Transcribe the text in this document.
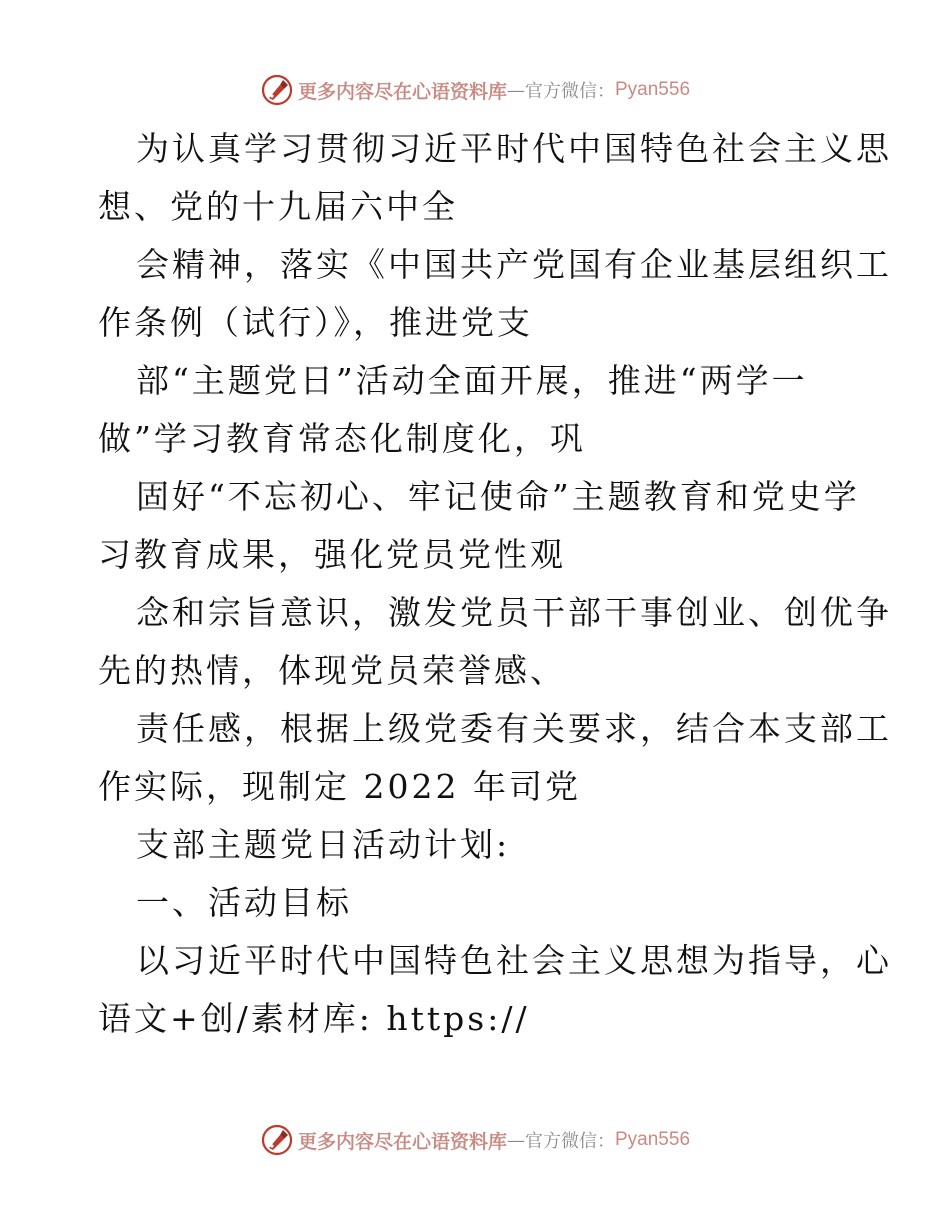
更多内容尽在心语资料库 — 官方微信： Pyan556
为认真学习贯彻习近平时代中国特色社会主义思
想、党的十九届六中全
会精神，落实《中国共产党国有企业基层组织工
作条例（试行）》，推进党支
部“主题党日”活动全面开展，推进“两学一
做”学习教育常态化制度化，巩
固好“不忘初心、牢记使命”主题教育和党史学
习教育成果，强化党员党性观
念和宗旨意识，激发党员干部干事创业、创优争
先的热情，体现党员荣誉感、
责任感，根据上级党委有关要求，结合本支部工
作实际，现制定 2022 年司党
支部主题党日活动计划:
一、活动目标
以习近平时代中国特色社会主义思想为指导，心
语文+创/素材库: https://
更多内容尽在心语资料库 — 官方微信： Pyan556
